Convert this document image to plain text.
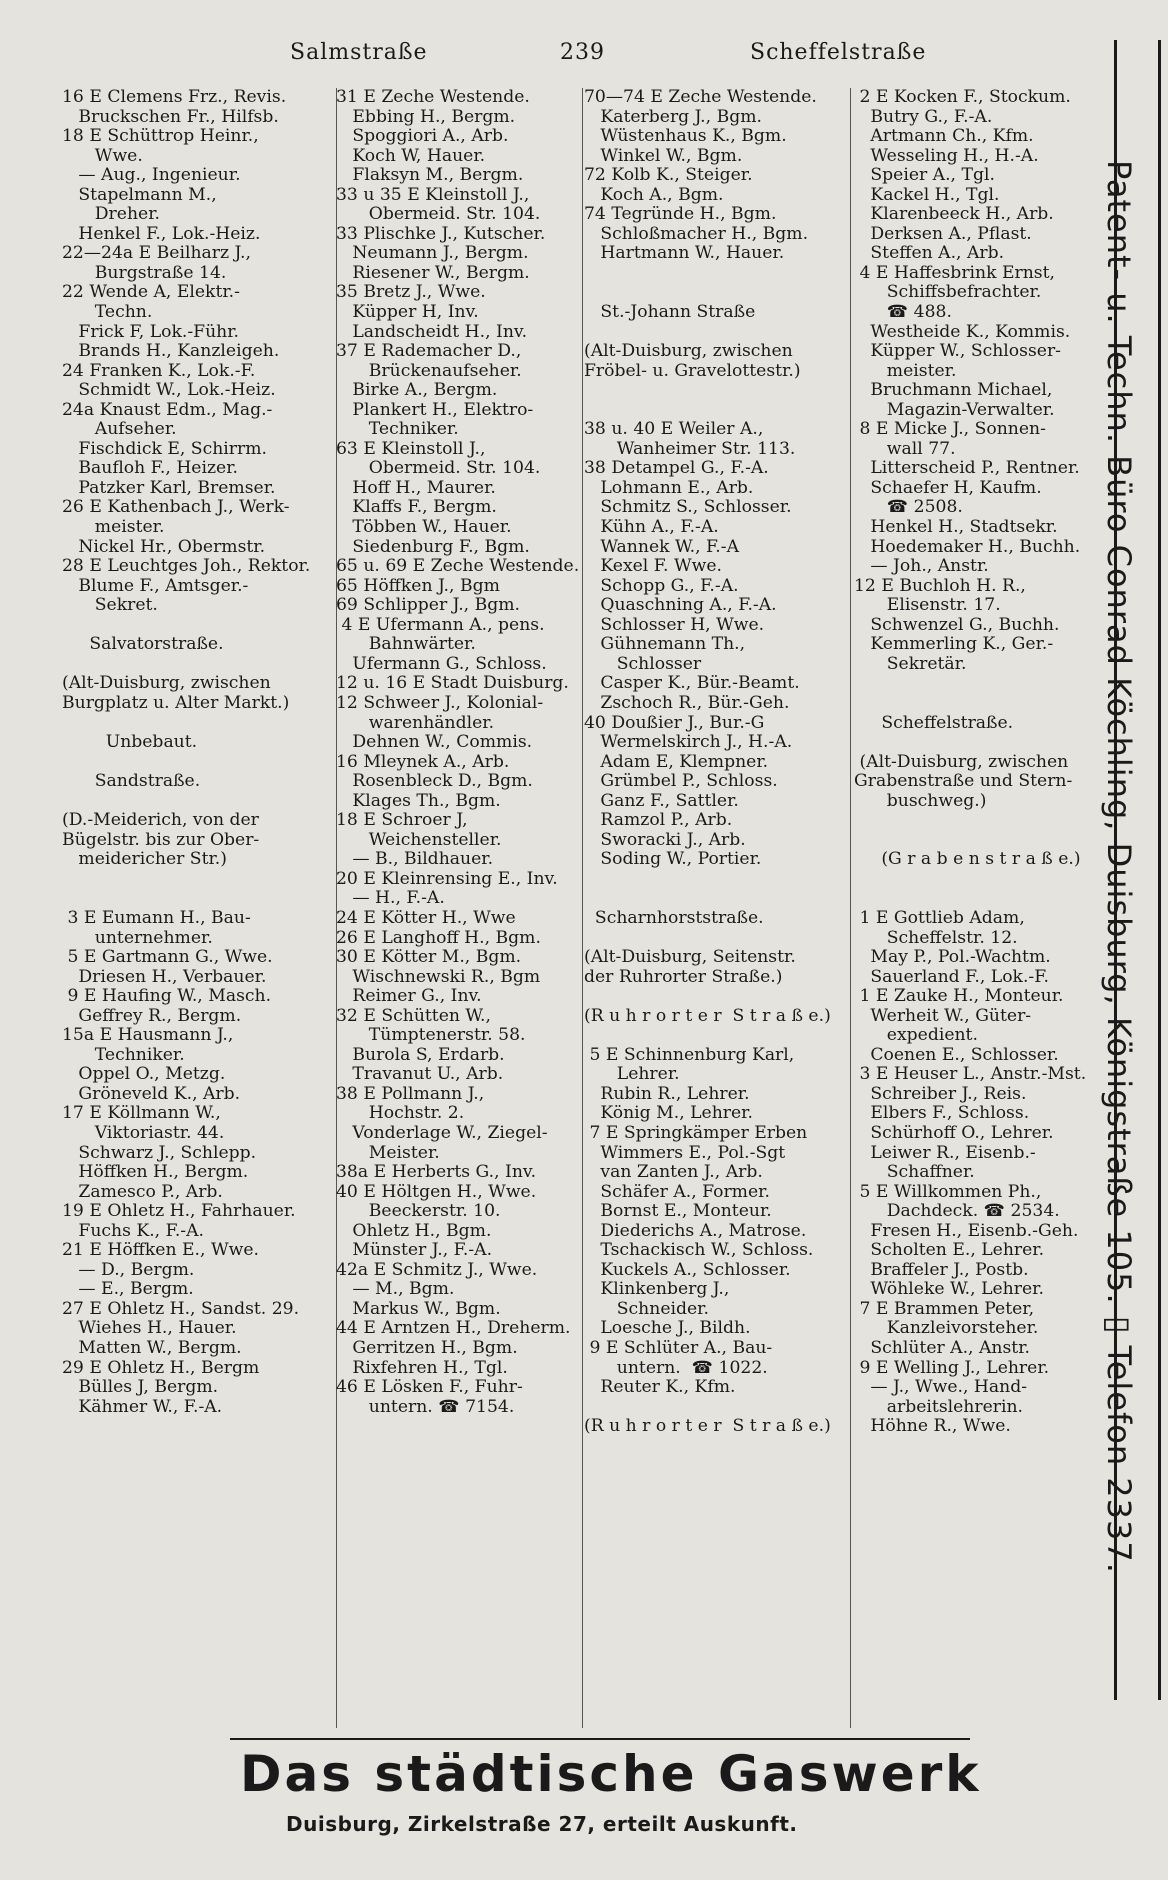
Salmstraße	239	Scheffelstraße
16 E Clemens Frz., Revis.
Bruckschen Fr., Hilfsb.
18 E Schüttrop Heinr.,
Wwe.
— Aug., Ingenieur.
Stapelmann M.,
Dreher.
Henkel F., Lok.-Heiz.
22—24a E Beilharz J.,
Burgstraße 14.
22 Wende A, Elektr.-
Techn.
Frick F, Lok.-Führ.
Brands H., Kanzleigeh.
24 Franken K., Lok.-F.
Schmidt W., Lok.-Heiz.
24a Knaust Edm., Mag.-
Aufseher.
Fischdick E, Schirrm.
Baufloh F., Heizer.
Patzker Karl, Bremser.
26 E Kathenbach J., Werk-
meister.
Nickel Hr., Obermstr.
28 E Leuchtges Joh., Rektor.
Blume F., Amtsger.-
Sekret.
Salvatorstraße.
(Alt-Duisburg, zwischen
Burgplatz u. Alter Markt.)
Unbebaut.
Sandstraße.
(D.-Meiderich, von der
Bügelstr. bis zur Ober-
meidericher Str.)
3 E Eumann H., Bau-
unternehmer.
5 E Gartmann G., Wwe.
Driesen H., Verbauer.
9 E Haufing W., Masch.
Geffrey R., Bergm.
15a E Hausmann J.,
Techniker.
Oppel O., Metzg.
Gröneveld K., Arb.
17 E Köllmann W.,
Viktoriastr. 44.
Schwarz J., Schlepp.
Höffken H., Bergm.
Zamesco P., Arb.
19 E Ohletz H., Fahrhauer.
Fuchs K., F.-A.
21 E Höffken E., Wwe.
— D., Bergm.
— E., Bergm.
27 E Ohletz H., Sandst. 29.
Wiehes H., Hauer.
Matten W., Bergm.
29 E Ohletz H., Bergm
Bülles J, Bergm.
Kähmer W., F.-A.
31 E Zeche Westende.
Ebbing H., Bergm.
Spoggiori A., Arb.
Koch W, Hauer.
Flaksyn M., Bergm.
33 u 35 E Kleinstoll J.,
Obermeid. Str. 104.
33 Plischke J., Kutscher.
Neumann J., Bergm.
Riesener W., Bergm.
35 Bretz J., Wwe.
Küpper H, Inv.
Landscheidt H., Inv.
37 E Rademacher D.,
Brückenaufseher.
Birke A., Bergm.
Plankert H., Elektro-
Techniker.
63 E Kleinstoll J.,
Obermeid. Str. 104.
Hoff H., Maurer.
Klaffs F., Bergm.
Többen W., Hauer.
Siedenburg F., Bgm.
65 u. 69 E Zeche Westende.
65 Höffken J., Bgm
69 Schlipper J., Bgm.
4 E Ufermann A., pens.
Bahnwärter.
Ufermann G., Schloss.
12 u. 16 E Stadt Duisburg.
12 Schweer J., Kolonial-
warenhändler.
Dehnen W., Commis.
16 Mleynek A., Arb.
Rosenbleck D., Bgm.
Klages Th., Bgm.
18 E Schroer J,
Weichensteller.
— B., Bildhauer.
20 E Kleinrensing E., Inv.
— H., F.-A.
24 E Kötter H., Wwe
26 E Langhoff H., Bgm.
30 E Kötter M., Bgm.
Wischnewski R., Bgm
Reimer G., Inv.
32 E Schütten W.,
Tümptenerstr. 58.
Burola S, Erdarb.
Travanut U., Arb.
38 E Pollmann J.,
Hochstr. 2.
Vonderlage W., Ziegel-
Meister.
38a E Herberts G., Inv.
40 E Höltgen H., Wwe.
Beeckerstr. 10.
Ohletz H., Bgm.
Münster J., F.-A.
42a E Schmitz J., Wwe.
— M., Bgm.
Markus W., Bgm.
44 E Arntzen H., Dreherm.
Gerritzen H., Bgm.
Rixfehren H., Tgl.
46 E Lösken F., Fuhr-
untern. ☎ 7154.
70—74 E Zeche Westende.
Katerberg J., Bgm.
Wüstenhaus K., Bgm.
Winkel W., Bgm.
72 Kolb K., Steiger.
Koch A., Bgm.
74 Tegründe H., Bgm.
Schloßmacher H., Bgm.
Hartmann W., Hauer.
St.-Johann Straße
(Alt-Duisburg, zwischen
Fröbel- u. Gravelottestr.)
38 u. 40 E Weiler A.,
Wanheimer Str. 113.
38 Detampel G., F.-A.
Lohmann E., Arb.
Schmitz S., Schlosser.
Kühn A., F.-A.
Wannek W., F.-A
Kexel F. Wwe.
Schopp G., F.-A.
Quaschning A., F.-A.
Schlosser H, Wwe.
Gühnemann Th.,
Schlosser
Casper K., Bür.-Beamt.
Zschoch R., Bür.-Geh.
40 Doußier J., Bur.-G
Wermelskirch J., H.-A.
Adam E, Klempner.
Grümbel P., Schloss.
Ganz F., Sattler.
Ramzol P., Arb.
Sworacki J., Arb.
Soding W., Portier.
Scharnhorststraße.
(Alt-Duisburg, Seitenstr.
der Ruhrorter Straße.)
(R u h r o r t e r  S t r a ß e.)
5 E Schinnenburg Karl,
Lehrer.
Rubin R., Lehrer.
König M., Lehrer.
7 E Springkämper Erben
Wimmers E., Pol.-Sgt
van Zanten J., Arb.
Schäfer A., Former.
Bornst E., Monteur.
Diederichs A., Matrose.
Tschackisch W., Schloss.
Kuckels A., Schlosser.
Klinkenberg J.,
Schneider.
Loesche J., Bildh.
9 E Schlüter A., Bau-
untern.  ☎ 1022.
Reuter K., Kfm.
(R u h r o r t e r  S t r a ß e.)
2 E Kocken F., Stockum.
Butry G., F.-A.
Artmann Ch., Kfm.
Wesseling H., H.-A.
Speier A., Tgl.
Kackel H., Tgl.
Klarenbeeck H., Arb.
Derksen A., Pflast.
Steffen A., Arb.
4 E Haffesbrink Ernst,
Schiffsbefrachter.
☎ 488.
Westheide K., Kommis.
Küpper W., Schlosser-
meister.
Bruchmann Michael,
Magazin-Verwalter.
8 E Micke J., Sonnen-
wall 77.
Litterscheid P., Rentner.
Schaefer H, Kaufm.
☎ 2508.
Henkel H., Stadtsekr.
Hoedemaker H., Buchh.
— Joh., Anstr.
12 E Buchloh H. R.,
Elisenstr. 17.
Schwenzel G., Buchh.
Kemmerling K., Ger.-
Sekretär.
Scheffelstraße.
(Alt-Duisburg, zwischen
Grabenstraße und Stern-
buschweg.)
(G r a b e n s t r a ß e.)
1 E Gottlieb Adam,
Scheffelstr. 12.
May P., Pol.-Wachtm.
Sauerland F., Lok.-F.
1 E Zauke H., Monteur.
Werheit W., Güter-
expedient.
Coenen E., Schlosser.
3 E Heuser L., Anstr.-Mst.
Schreiber J., Reis.
Elbers F., Schloss.
Schürhoff O., Lehrer.
Leiwer R., Eisenb.-
Schaffner.
5 E Willkommen Ph.,
Dachdeck. ☎ 2534.
Fresen H., Eisenb.-Geh.
Scholten E., Lehrer.
Braffeler J., Postb.
Wöhleke W., Lehrer.
7 E Brammen Peter,
Kanzleivorsteher.
Schlüter A., Anstr.
9 E Welling J., Lehrer.
— J., Wwe., Hand-
arbeitslehrerin.
Höhne R., Wwe.	Patent- u. Techn. Büro Conrad Köchling, Duisburg, Königstraße 105. ▯ Telefon 2337.
Das städtische Gaswerk
Duisburg, Zirkelstraße 27, erteilt Auskunft.
